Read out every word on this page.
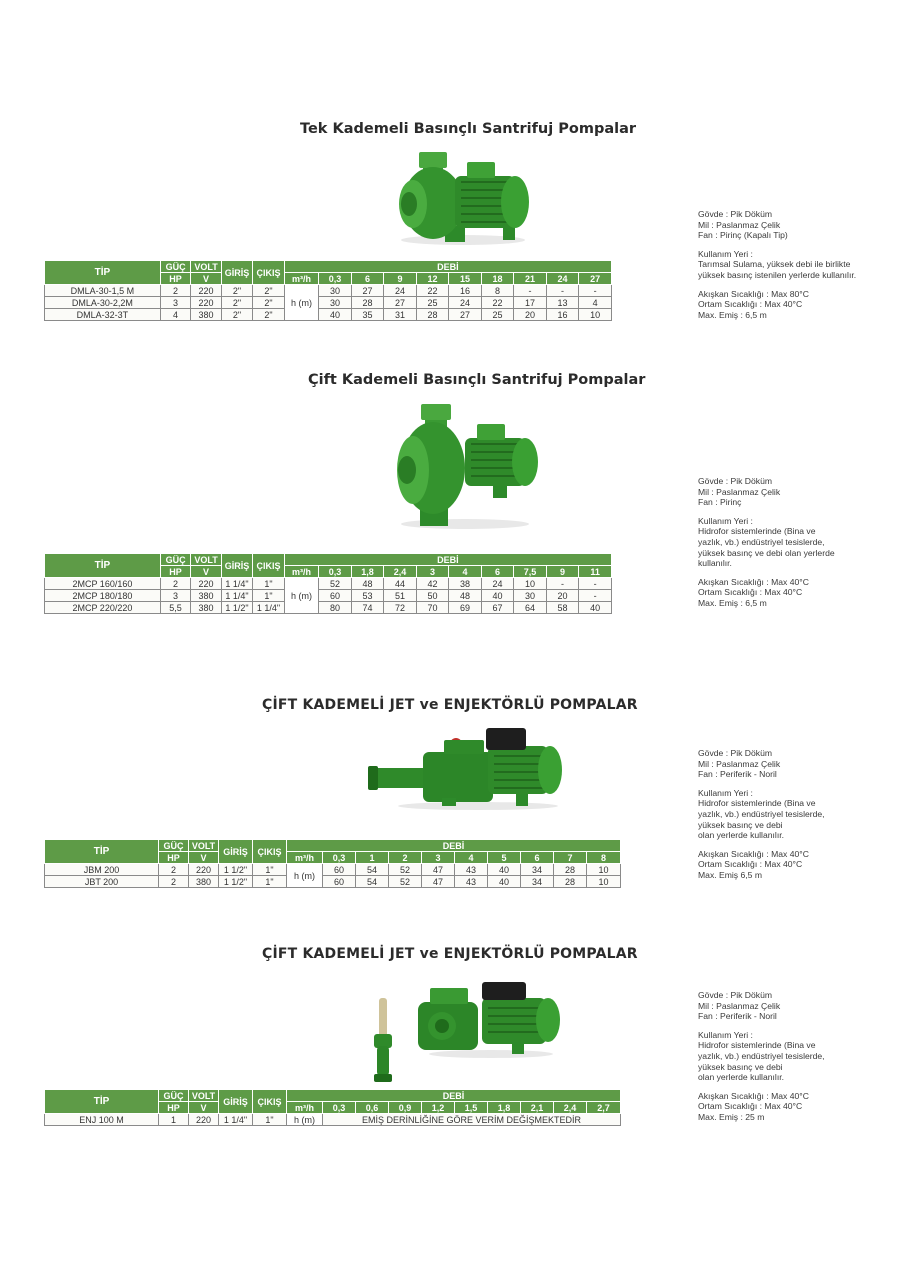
Tek Kademeli Basınçlı Santrifuj Pompalar
TİP	GÜÇ	VOLT	GİRİŞ	ÇIKIŞ	DEBİ									
	HP	V			m³/h	0,3	6	9	12	15	18	21	24	27
DMLA-30-1,5 M	2	220	2"	2"	h (m)	30	27	24	22	16	8	-	-	-
DMLA-30-2,2M	3	220	2"	2"		30	28	27	25	24	22	17	13	4
DMLA-32-3T	4	380	2"	2"		40	35	31	28	27	25	20	16	10

Gövde : Pik Döküm
Mil : Paslanmaz Çelik
Fan : Pirinç (Kapalı Tip)

Kullanım Yeri :
Tarımsal Sulama, yüksek debi ile birlikte
yüksek basınç istenilen yerlerde kullanılır.

Akışkan Sıcaklığı : Max 80°C
Ortam Sıcaklığı : Max 40°C
Max. Emiş : 6,5 m

Çift Kademeli Basınçlı Santrifuj Pompalar
TİP	GÜÇ	VOLT	GİRİŞ	ÇIKIŞ	DEBİ									
	HP	V			m³/h	0,3	1,8	2,4	3	4	6	7,5	9	11
2MCP 160/160	2	220	1 1/4"	1"	h (m)	52	48	44	42	38	24	10	-	-
2MCP 180/180	3	380	1 1/4"	1"		60	53	51	50	48	40	30	20	-
2MCP 220/220	5,5	380	1 1/2"	1 1/4"		80	74	72	70	69	67	64	58	40

Gövde : Pik Döküm
Mil : Paslanmaz Çelik
Fan : Pirinç

Kullanım Yeri :
Hidrofor sistemlerinde (Bina ve
yazlık, vb.) endüstriyel tesislerde,
yüksek basınç ve debi olan yerlerde
kullanılır.

Akışkan Sıcaklığı : Max 40°C
Ortam Sıcaklığı : Max 40°C
Max. Emiş : 6,5 m

ÇİFT KADEMELİ JET ve ENJEKTÖRLÜ POMPALAR
TİP	GÜÇ	VOLT	GİRİŞ	ÇIKIŞ	DEBİ									
	HP	V			m³/h	0,3	1	2	3	4	5	6	7	8
JBM 200	2	220	1 1/2"	1"	h (m)	60	54	52	47	43	40	34	28	10
JBT 200	2	380	1 1/2"	1"		60	54	52	47	43	40	34	28	10

Gövde : Pik Döküm
Mil : Paslanmaz Çelik
Fan : Periferik - Noril

Kullanım Yeri :
Hidrofor sistemlerinde (Bina ve
yazlık, vb.) endüstriyel tesislerde,
yüksek basınç ve debi
olan yerlerde kullanılır.

Akışkan Sıcaklığı : Max 40°C
Ortam Sıcaklığı : Max 40°C
Max. Emiş 6,5 m

ÇİFT KADEMELİ JET ve ENJEKTÖRLÜ POMPALAR
TİP	GÜÇ	VOLT	GİRİŞ	ÇIKIŞ	DEBİ									
	HP	V			m³/h	0,3	0,6	0,9	1,2	1,5	1,8	2,1	2,4	2,7
ENJ 100 M	1	220	1 1/4"	1"	h (m)	EMİŞ DERİNLİĞİNE GÖRE VERİM DEĞİŞMEKTEDİR								

Gövde : Pik Döküm
Mil : Paslanmaz Çelik
Fan : Periferik - Noril

Kullanım Yeri :
Hidrofor sistemlerinde (Bina ve
yazlık, vb.) endüstriyel tesislerde,
yüksek basınç ve debi
olan yerlerde kullanılır.

Akışkan Sıcaklığı : Max 40°C
Ortam Sıcaklığı : Max 40°C
Max. Emiş : 25 m
